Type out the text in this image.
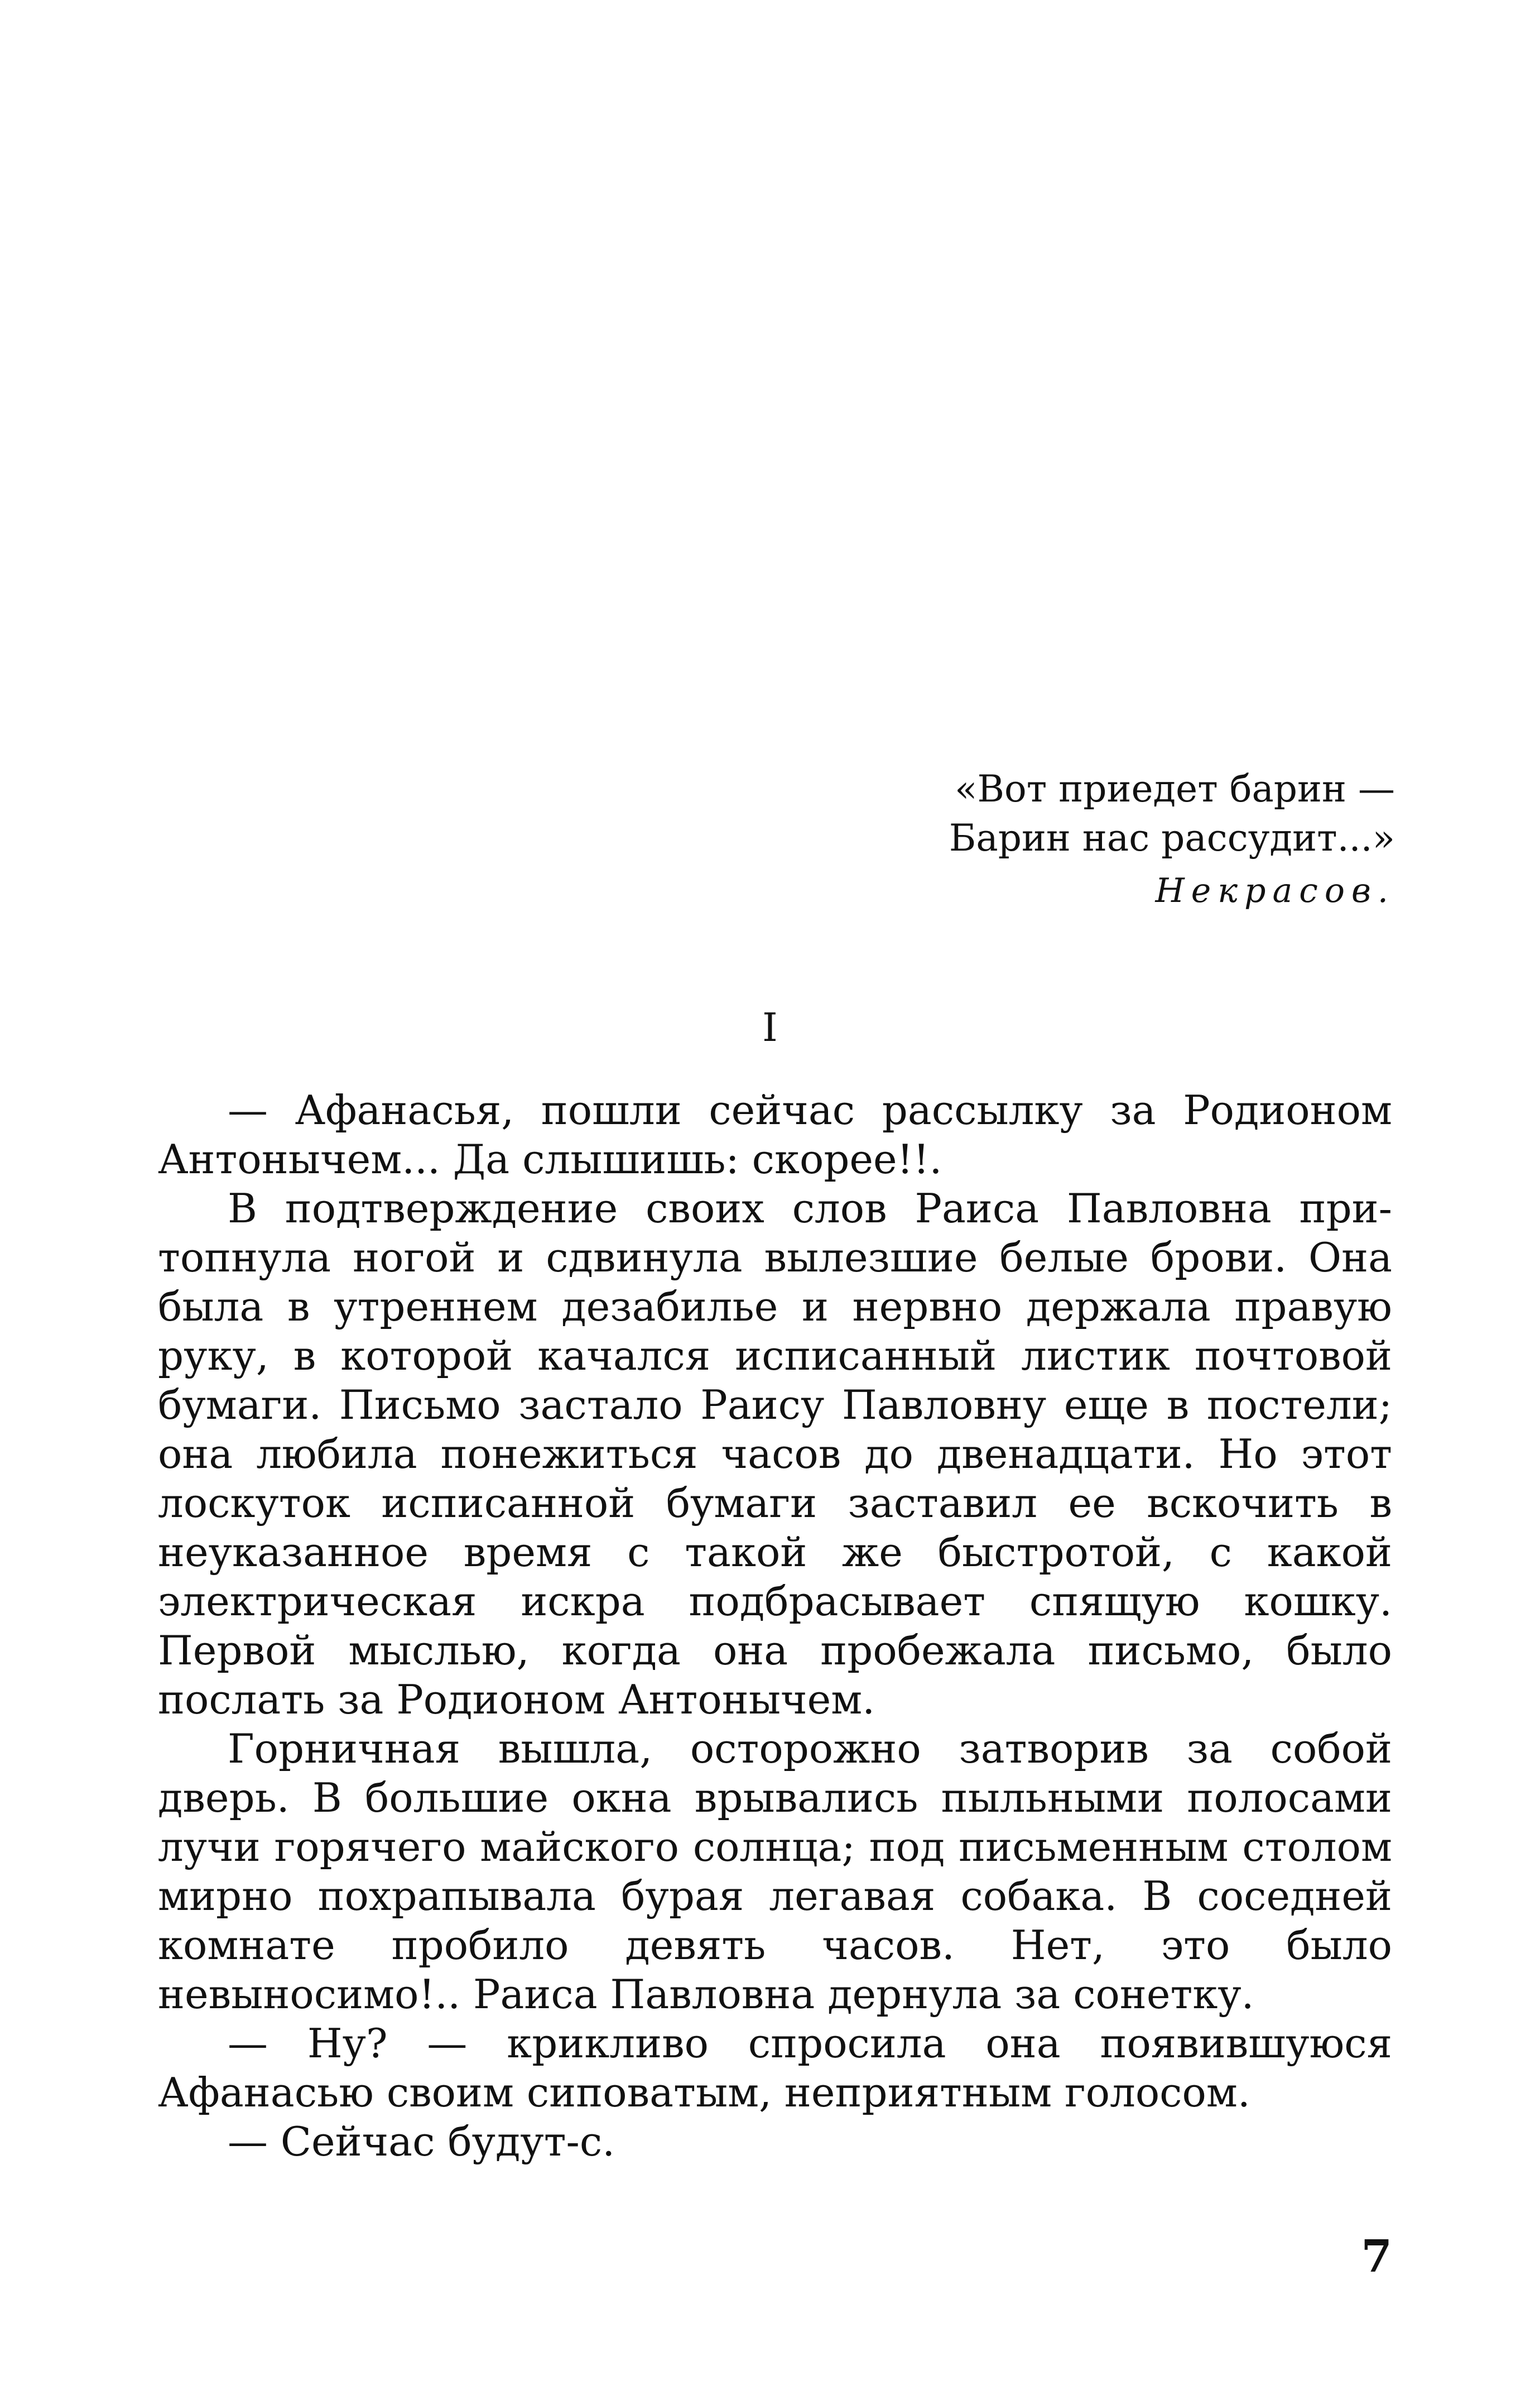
«Вот приедет барин —
Барин нас рассудит...»
Некрасов.
I

— Афанасья, пошли сейчас рассылку за Родионом Антонычем... Да слышишь: скорее!!.

В подтверждение своих слов Раиса Павловна притопнула ногой и сдвинула вылезшие белые брови. Она была в утреннем дезабилье и нервно держала правую руку, в которой качался исписанный листик почтовой бумаги. Письмо застало Раису Павловну еще в постели; она любила понежиться часов до двенадцати. Но этот лоскуток исписанной бумаги заставил ее вскочить в неуказанное время с такой же быстротой, с какой электрическая искра подбрасывает спящую кошку. Первой мыслью, когда она пробежала письмо, было послать за Родионом Антонычем.

Горничная вышла, осторожно затворив за собой дверь. В большие окна врывались пыльными полосами лучи горячего майского солнца; под письменным столом мирно похрапывала бурая легавая собака. В соседней комнате пробило девять часов. Нет, это было невыносимо!.. Раиса Павловна дернула за сонетку.

— Ну? — крикливо спросила она появившуюся Афанасью своим сиповатым, неприятным голосом.

— Сейчас будут-с.

7
